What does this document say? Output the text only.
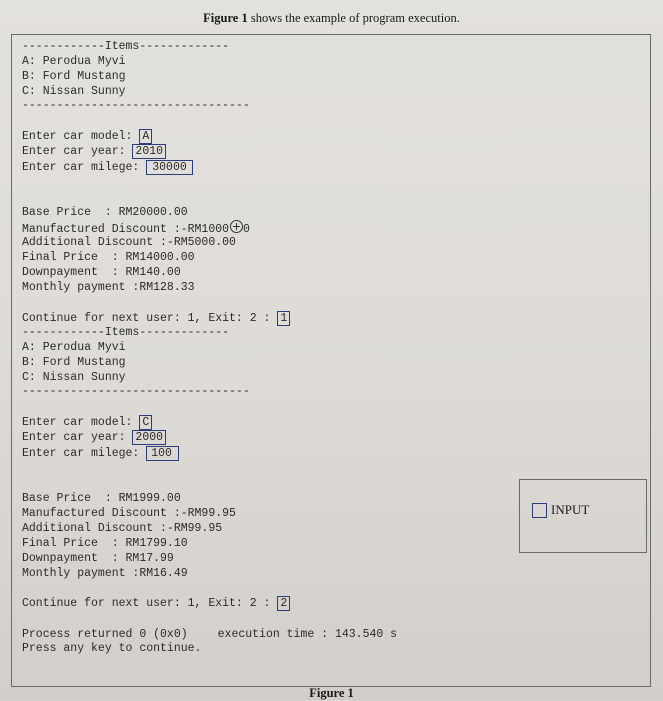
Figure 1 shows the example of program execution.
------------Items-------------
A: Perodua Myvi
B: Ford Mustang
C: Nissan Sunny
---------------------------------
Enter car model: A
Enter car year: 2010
Enter car milege: 30000
Base Price  : RM20000.00
Manufactured Discount :-RM1000 0
Additional Discount :-RM5000.00
Final Price  : RM14000.00
Downpayment  : RM140.00
Monthly payment :RM128.33
Continue for next user: 1, Exit: 2 : 1
------------Items-------------
A: Perodua Myvi
B: Ford Mustang
C: Nissan Sunny
---------------------------------
Enter car model: C
Enter car year: 2000
Enter car milege: 100
Base Price  : RM1999.00
Manufactured Discount :-RM99.95
Additional Discount :-RM99.95
Final Price  : RM1799.10
Downpayment  : RM17.99
Monthly payment :RM16.49
Continue for next user: 1, Exit: 2 : 2
Process returned 0 (0x0)	execution time : 143.540 s
Press any key to continue.
INPUT
Figure 1
